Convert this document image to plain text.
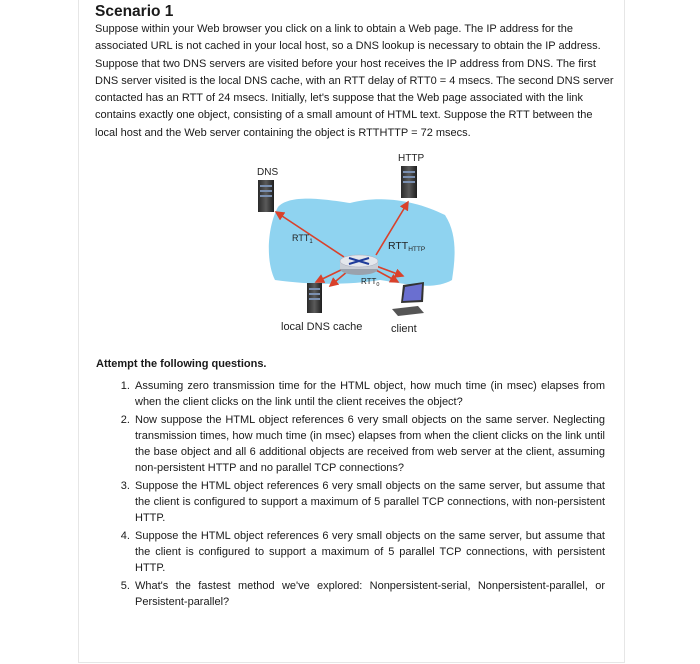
Scenario 1
Suppose within your Web browser you click on a link to obtain a Web page. The IP address for the
associated URL is not cached in your local host, so a DNS lookup is necessary to obtain the IP address.
Suppose that two DNS servers are visited before your host receives the IP address from DNS. The first
DNS server visited is the local DNS cache, with an RTT delay of RTT0 = 4 msecs. The second DNS server
contacted has an RTT of 24 msecs. Initially, let's suppose that the Web page associated with the link
contains exactly one object, consisting of a small amount of HTML text. Suppose the RTT between the
local host and the Web server containing the object is RTTHTTP = 72 msecs.
DNS
HTTP
$RTT_1$	RTTHTTP
$RTT_0$
local DNS cache	client
Attempt the following questions.
1. Assuming zero transmission time for the HTML object, how much time (in msec) elapses from when the client clicks on the link until the client receives the object?
2. Now suppose the HTML object references 6 very small objects on the same server. Neglecting transmission times, how much time (in msec) elapses from when the client clicks on the link until the base object and all 6 additional objects are received from web server at the client, assuming non-persistent HTTP and no parallel TCP connections?
3. Suppose the HTML object references 6 very small objects on the same server, but assume that the client is configured to support a maximum of 5 parallel TCP connections, with non-persistent HTTP.
4. Suppose the HTML object references 6 very small objects on the same server, but assume that the client is configured to support a maximum of 5 parallel TCP connections, with persistent HTTP.
5. What's the fastest method we've explored: Nonpersistent-serial, Nonpersistent-parallel, or Persistent-parallel?
